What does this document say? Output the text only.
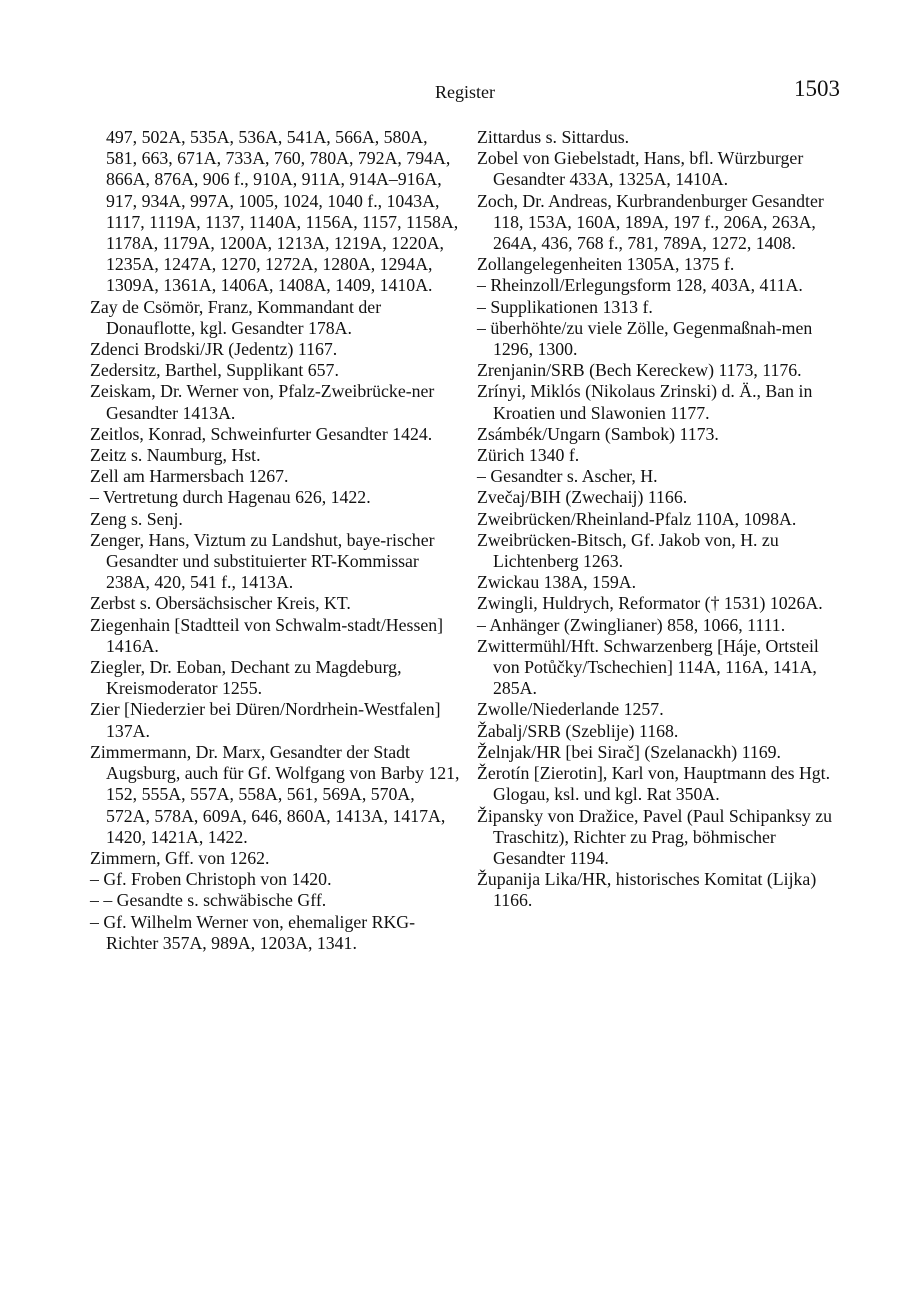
Register	1503
497, 502A, 535A, 536A, 541A, 566A, 580A, 581, 663, 671A, 733A, 760, 780A, 792A, 794A, 866A, 876A, 906 f., 910A, 911A, 914A–916A, 917, 934A, 997A, 1005, 1024, 1040 f., 1043A, 1117, 1119A, 1137, 1140A, 1156A, 1157, 1158A, 1178A, 1179A, 1200A, 1213A, 1219A, 1220A, 1235A, 1247A, 1270, 1272A, 1280A, 1294A, 1309A, 1361A, 1406A, 1408A, 1409, 1410A.
Zay de Csömör, Franz, Kommandant der Donauflotte, kgl. Gesandter 178A.
Zdenci Brodski/JR (Jedentz) 1167.
Zedersitz, Barthel, Supplikant 657.
Zeiskam, Dr. Werner von, Pfalz-Zweibrücke-ner Gesandter 1413A.
Zeitlos, Konrad, Schweinfurter Gesandter 1424.
Zeitz s. Naumburg, Hst.
Zell am Harmersbach 1267.
– Vertretung durch Hagenau 626, 1422.
Zeng s. Senj.
Zenger, Hans, Viztum zu Landshut, baye-rischer Gesandter und substituierter RT-Kommissar 238A, 420, 541 f., 1413A.
Zerbst s. Obersächsischer Kreis, KT.
Ziegenhain [Stadtteil von Schwalm-stadt/Hessen] 1416A.
Ziegler, Dr. Eoban, Dechant zu Magdeburg, Kreismoderator 1255.
Zier [Niederzier bei Düren/Nordrhein-Westfalen] 137A.
Zimmermann, Dr. Marx, Gesandter der Stadt Augsburg, auch für Gf. Wolfgang von Barby 121, 152, 555A, 557A, 558A, 561, 569A, 570A, 572A, 578A, 609A, 646, 860A, 1413A, 1417A, 1420, 1421A, 1422.
Zimmern, Gff. von 1262.
– Gf. Froben Christoph von 1420.
– – Gesandte s. schwäbische Gff.
– Gf. Wilhelm Werner von, ehemaliger RKG-Richter 357A, 989A, 1203A, 1341.
Zittardus s. Sittardus.
Zobel von Giebelstadt, Hans, bfl. Würzburger Gesandter 433A, 1325A, 1410A.
Zoch, Dr. Andreas, Kurbrandenburger Gesandter 118, 153A, 160A, 189A, 197 f., 206A, 263A, 264A, 436, 768 f., 781, 789A, 1272, 1408.
Zollangelegenheiten 1305A, 1375 f.
– Rheinzoll/Erlegungsform 128, 403A, 411A.
– Supplikationen 1313 f.
– überhöhte/zu viele Zölle, Gegenmaßnah-men 1296, 1300.
Zrenjanin/SRB (Bech Kereckew) 1173, 1176.
Zrínyi, Miklós (Nikolaus Zrinski) d. Ä., Ban in Kroatien und Slawonien 1177.
Zsámbék/Ungarn (Sambok) 1173.
Zürich 1340 f.
– Gesandter s. Ascher, H.
Zvečaj/BIH (Zwechaij) 1166.
Zweibrücken/Rheinland-Pfalz 110A, 1098A.
Zweibrücken-Bitsch, Gf. Jakob von, H. zu Lichtenberg 1263.
Zwickau 138A, 159A.
Zwingli, Huldrych, Reformator († 1531) 1026A.
– Anhänger (Zwinglianer) 858, 1066, 1111.
Zwittermühl/Hft. Schwarzenberg [Háje, Ortsteil von Potůčky/Tschechien] 114A, 116A, 141A, 285A.
Zwolle/Niederlande 1257.
Žabalj/SRB (Szeblije) 1168.
Želnjak/HR [bei Sirač] (Szelanackh) 1169.
Žerotín [Zierotin], Karl von, Hauptmann des Hgt. Glogau, ksl. und kgl. Rat 350A.
Žipansky von Dražice, Pavel (Paul Schipanksy zu Traschitz), Richter zu Prag, böhmischer Gesandter 1194.
Županija Lika/HR, historisches Komitat (Lijka) 1166.
